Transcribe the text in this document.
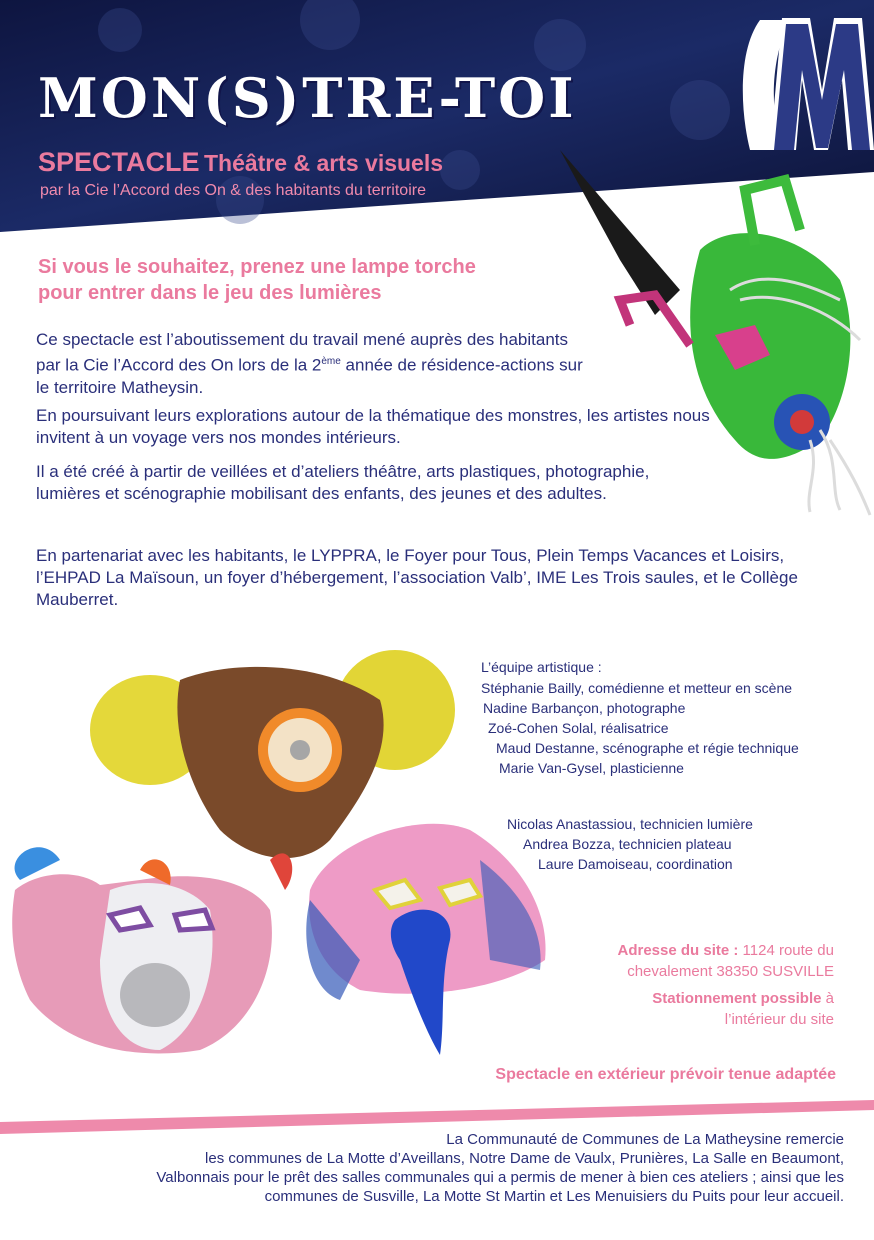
MON(S)TRE-TOI
SPECTACLE Théâtre & arts visuels
par la Cie l’Accord des On & des habitants du territoire
Si vous le souhaitez, prenez une lampe torche
pour entrer dans le jeu des lumières

Ce spectacle est l’aboutissement du travail mené auprès des habitants par la Cie l’Accord des On lors de la 2ème année de résidence-actions sur le territoire Matheysin.

En poursuivant leurs explorations autour de la thématique des monstres, les artistes nous invitent à un voyage vers nos mondes intérieurs.

Il a été créé à partir de veillées et d’ateliers théâtre, arts plastiques, photographie, lumières et scénographie mobilisant des enfants, des jeunes et des adultes.

En partenariat avec les habitants, le LYPPRA, le Foyer pour Tous, Plein Temps Vacances et Loisirs, l’EHPAD La Maïsoun, un foyer d’hébergement, l’association Valb’, IME Les Trois saules, et le Collège Mauberret.

L’équipe artistique :
Stéphanie Bailly, comédienne et metteur en scène
Nadine Barbançon, photographe
Zoé-Cohen Solal, réalisatrice
Maud Destanne, scénographe et régie technique
Marie Van-Gysel, plasticienne
Nicolas Anastassiou, technicien lumière
Andrea Bozza, technicien plateau
Laure Damoiseau, coordination
Adresse du site : 1124 route du
chevalement 38350 SUSVILLE
Stationnement possible à
l’intérieur du site
Spectacle en extérieur prévoir tenue adaptée
La Communauté de Communes de La Matheysine remercie
les communes de La Motte d’Aveillans, Notre Dame de Vaulx, Prunières, La Salle en Beaumont,
Valbonnais pour le prêt des salles communales qui a permis de mener à bien ces ateliers ; ainsi que les
communes de Susville, La Motte St Martin et Les Menuisiers du Puits pour leur accueil.
